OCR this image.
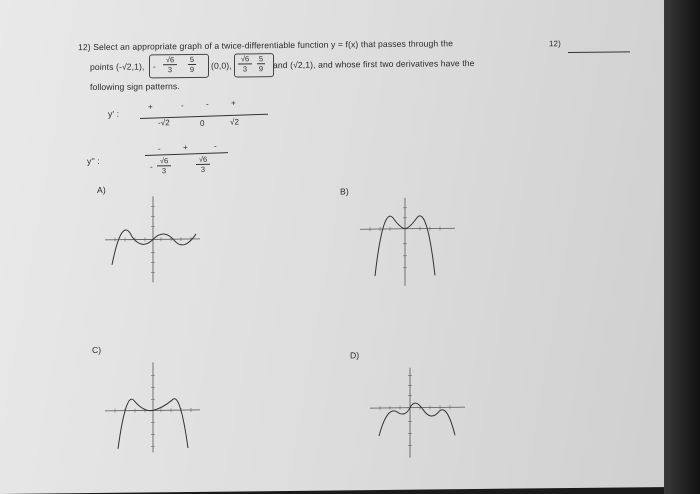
12) Select an appropriate graph of a twice-differentiable function y = f(x) that passes through the
points (-√2,1), -
√6
3
5
9 (0,0),
√6
3
5
9 and (√2,1), and whose first two derivatives have the
following sign patterns.
12)
y' :
+	-	-	+
-√2	0	√2
y'' :
-	+	-
-
√6
3
√6
3
A)	B)
C)
D)
